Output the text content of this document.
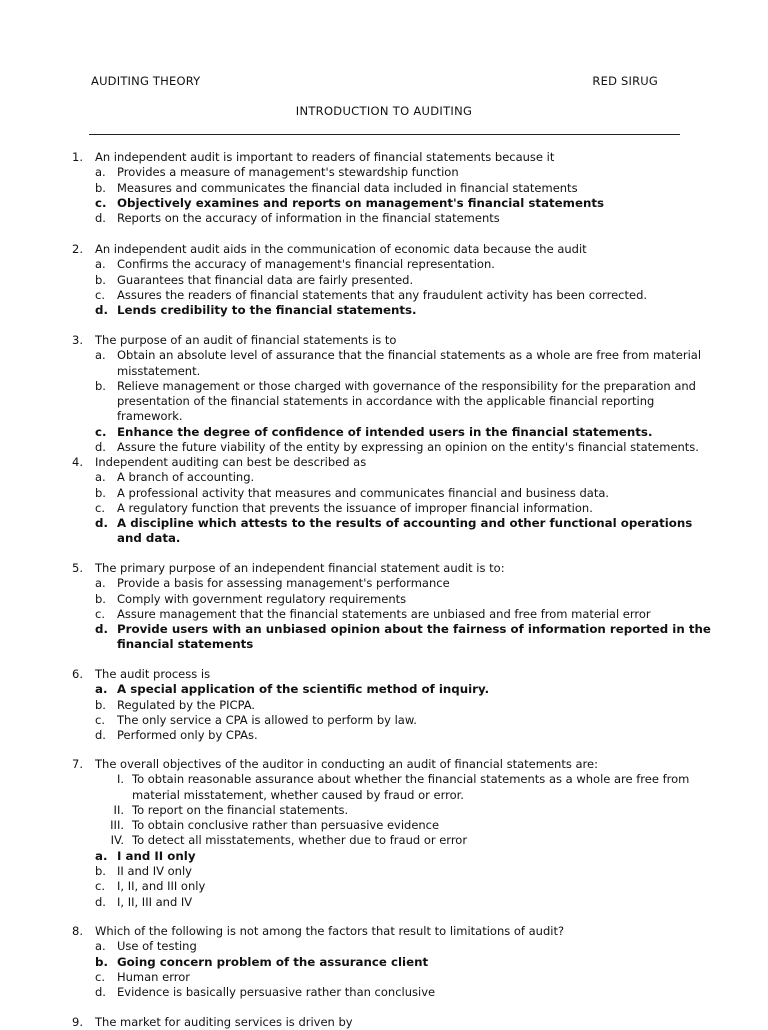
AUDITING THEORY	RED SIRUG
INTRODUCTION TO AUDITING
1.	An independent audit is important to readers of financial statements because it
a. Provides a measure of management's stewardship function
b. Measures and communicates the financial data included in financial statements
c. Objectively examines and reports on management's financial statements
d. Reports on the accuracy of information in the financial statements
2.	An independent audit aids in the communication of economic data because the audit
a. Confirms the accuracy of management's financial representation.
b. Guarantees that financial data are fairly presented.
c.	Assures the readers of financial statements that any fraudulent activity has been corrected.
d. Lends credibility to the financial statements.
3.	The purpose of an audit of financial statements is to
a. Obtain an absolute level of assurance that the financial statements as a whole are free from material misstatement.
b. Relieve management or those charged with governance of the responsibility for the preparation and presentation of the financial statements in accordance with the applicable financial reporting framework.
c. Enhance the degree of confidence of intended users in the financial statements.
d. Assure the future viability of the entity by expressing an opinion on the entity's financial statements.
4.	Independent auditing can best be described as
a. A branch of accounting.
b. A professional activity that measures and communicates financial and business data.
c.	A regulatory function that prevents the issuance of improper financial information.
d. A discipline which attests to the results of accounting and other functional operations and data.
5.	The primary purpose of an independent financial statement audit is to:
a. Provide a basis for assessing management's performance
b. Comply with government regulatory requirements
c.	Assure management that the financial statements are unbiased and free from material error
d. Provide users with an unbiased opinion about the fairness of information reported in the financial statements
6.	The audit process is
a. A special application of the scientific method of inquiry.
b. Regulated by the PICPA.
c.	The only service a CPA is allowed to perform by law.
d. Performed only by CPAs.
7.	The overall objectives of the auditor in conducting an audit of financial statements are:
I. To obtain reasonable assurance about whether the financial statements as a whole are free from material misstatement, whether caused by fraud or error.
II. To report on the financial statements.
III. To obtain conclusive rather than persuasive evidence
IV. To detect all misstatements, whether due to fraud or error
a. I and II only
b. II and IV only
c.	I, II, and III only
d. I, II, III and IV
8.	Which of the following is not among the factors that result to limitations of audit?
a. Use of testing
b. Going concern problem of the assurance client
c.	Human error
d. Evidence is basically persuasive rather than conclusive
9.	The market for auditing services is driven by
